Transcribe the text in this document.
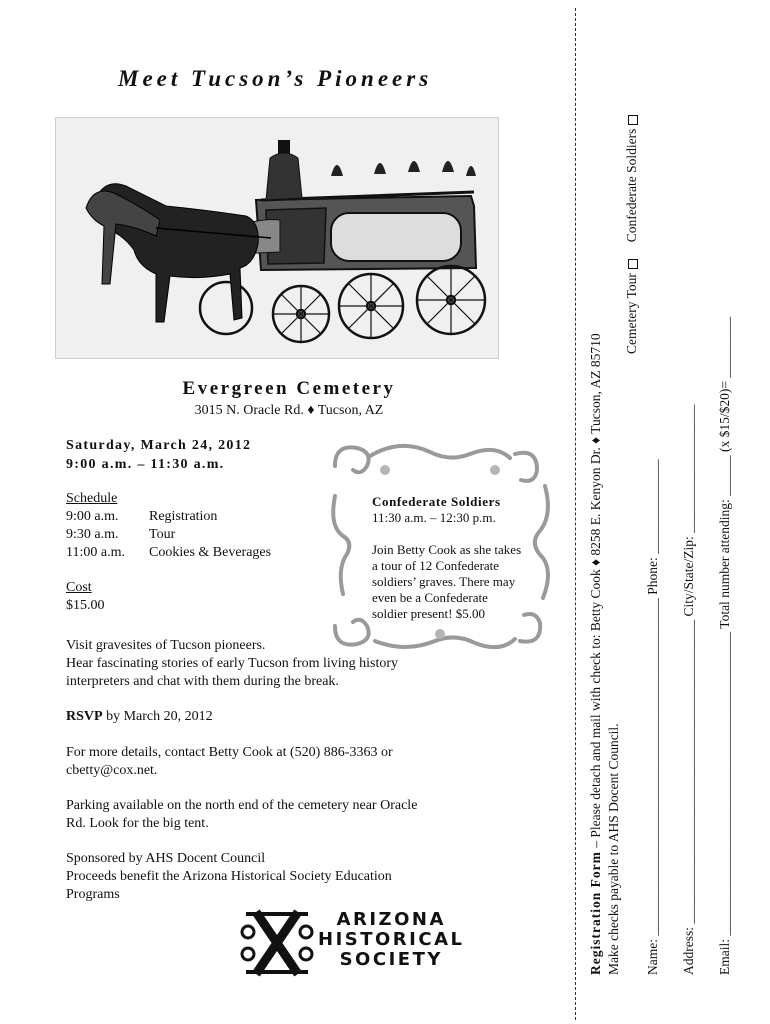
Meet Tucson’s Pioneers
Evergreen Cemetery
3015 N. Oracle Rd. ♦ Tucson, AZ
Saturday, March 24, 2012
9:00 a.m. – 11:30 a.m.
Schedule
9:00 a.m. Registration
9:30 a.m. Tour
11:00 a.m. Cookies & Beverages
Cost
$15.00
Confederate Soldiers
11:30 a.m. – 12:30 p.m.
Join Betty Cook as she takes
a tour of 12 Confederate
soldiers’ graves. There may
even be a Confederate
soldier present! $5.00
Visit gravesites of Tucson pioneers.
Hear fascinating stories of early Tucson from living history
interpreters and chat with them during the break.
RSVP by March 20, 2012
For more details, contact Betty Cook at (520) 886-3363 or
cbetty@cox.net.
Parking available on the north end of the cemetery near Oracle
Rd. Look for the big tent.
Sponsored by AHS Docent Council
Proceeds benefit the Arizona Historical Society Education
Programs
ARIZONA
HISTORICAL
SOCIETY	Registration Form – Please detach and mail with check to: Betty Cook ♦ 8258 E. Kenyon Dr. ♦ Tucson, AZ 85710 Make checks payable to AHS Docent Council.
Cemetery Tour     Confederate Soldiers
Name: __________________________________________________ Phone: ______________
Address: _____________________________________________ City/State/Zip: ___________________
Email: _____________________________________________ Total number attending: ______ (x $15/$20)= _________
